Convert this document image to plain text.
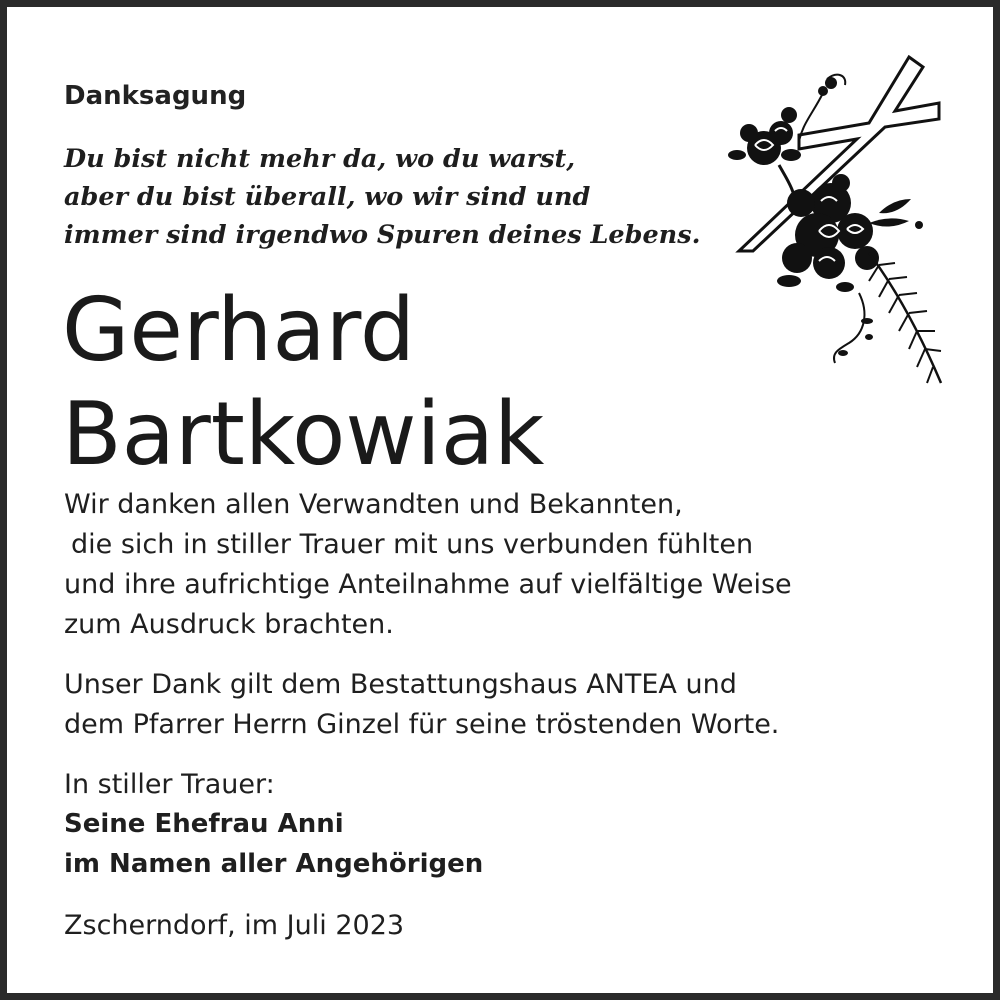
Danksagung

Du bist nicht mehr da, wo du warst,

aber du bist überall, wo wir sind und

immer sind irgendwo Spuren deines Lebens.

Gerhard

Bartkowiak

Wir danken allen Verwandten und Bekannten,

die sich in stiller Trauer mit uns verbunden fühlten

und ihre aufrichtige Anteilnahme auf vielfältige Weise

zum Ausdruck brachten.

Unser Dank gilt dem Bestattungshaus ANTEA und

dem Pfarrer Herrn Ginzel für seine tröstenden Worte.

In stiller Trauer:

Seine Ehefrau Anni

im Namen aller Angehörigen

Zscherndorf, im Juli 2023
